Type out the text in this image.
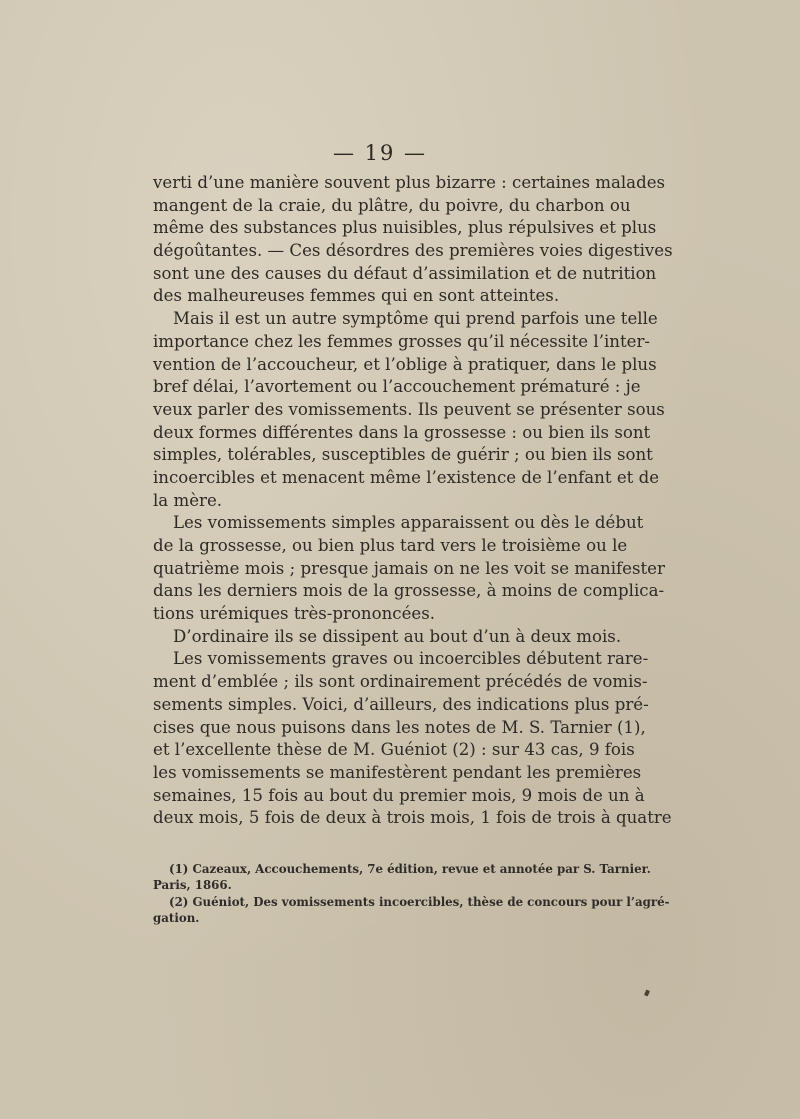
— 19 —
verti d’une manière souvent plus bizarre : certaines malades
mangent de la craie, du plâtre, du poivre, du charbon ou
même des substances plus nuisibles, plus répulsives et plus
dégoûtantes. — Ces désordres des premières voies digestives
sont une des causes du défaut d’assimilation et de nutrition
des malheureuses femmes qui en sont atteintes.
Mais il est un autre symptôme qui prend parfois une telle
importance chez les femmes grosses qu’il nécessite l’inter-
vention de l’accoucheur, et l’oblige à pratiquer, dans le plus
bref délai, l’avortement ou l’accouchement prématuré : je
veux parler des vomissements. Ils peuvent se présenter sous
deux formes différentes dans la grossesse : ou bien ils sont
simples, tolérables, susceptibles de guérir ; ou bien ils sont
incoercibles et menacent même l’existence de l’enfant et de
la mère.
Les vomissements simples apparaissent ou dès le début
de la grossesse, ou bien plus tard vers le troisième ou le
quatrième mois ; presque jamais on ne les voit se manifester
dans les derniers mois de la grossesse, à moins de complica-
tions urémiques très-prononcées.
D’ordinaire ils se dissipent au bout d’un à deux mois.
Les vomissements graves ou incoercibles débutent rare-
ment d’emblée ; ils sont ordinairement précédés de vomis-
sements simples. Voici, d’ailleurs, des indications plus pré-
cises que nous puisons dans les notes de M. S. Tarnier (1),
et l’excellente thèse de M. Guéniot (2) : sur 43 cas, 9 fois
les vomissements se manifestèrent pendant les premières
semaines, 15 fois au bout du premier mois, 9 mois de un à
deux mois, 5 fois de deux à trois mois, 1 fois de trois à quatre
(1) Cazeaux, Accouchements, 7e édition, revue et annotée par S. Tarnier.
Paris, 1866.
(2) Guéniot, Des vomissements incoercibles, thèse de concours pour l’agré-
gation.
